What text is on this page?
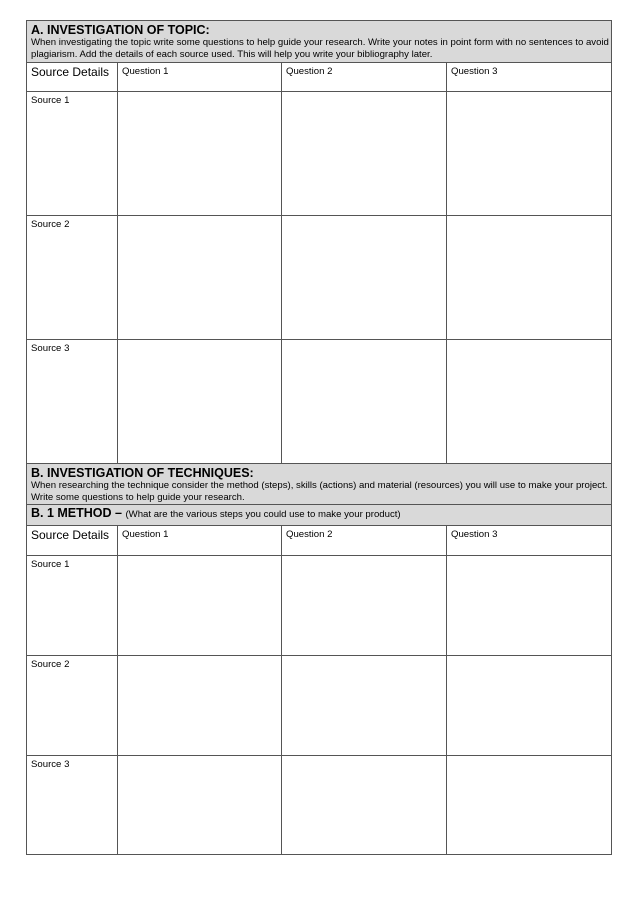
A. INVESTIGATION OF TOPIC:
When investigating the topic write some questions to help guide your research. Write your notes in point form with no sentences to avoid plagiarism. Add the details of each source used. This will help you write your bibliography later.			

Source Details	Question 1	Question 2	Question 3
Source 1			
Source 2			
Source 3			
B. INVESTIGATION OF TECHNIQUES:
When researching the technique consider the method (steps), skills (actions) and material (resources) you will use to make your project. Write some questions to help guide your research.			

B. 1 METHOD – (What are the various steps you could use to make your product)			

Source Details	Question 1	Question 2	Question 3
Source 1			
Source 2			
Source 3			
